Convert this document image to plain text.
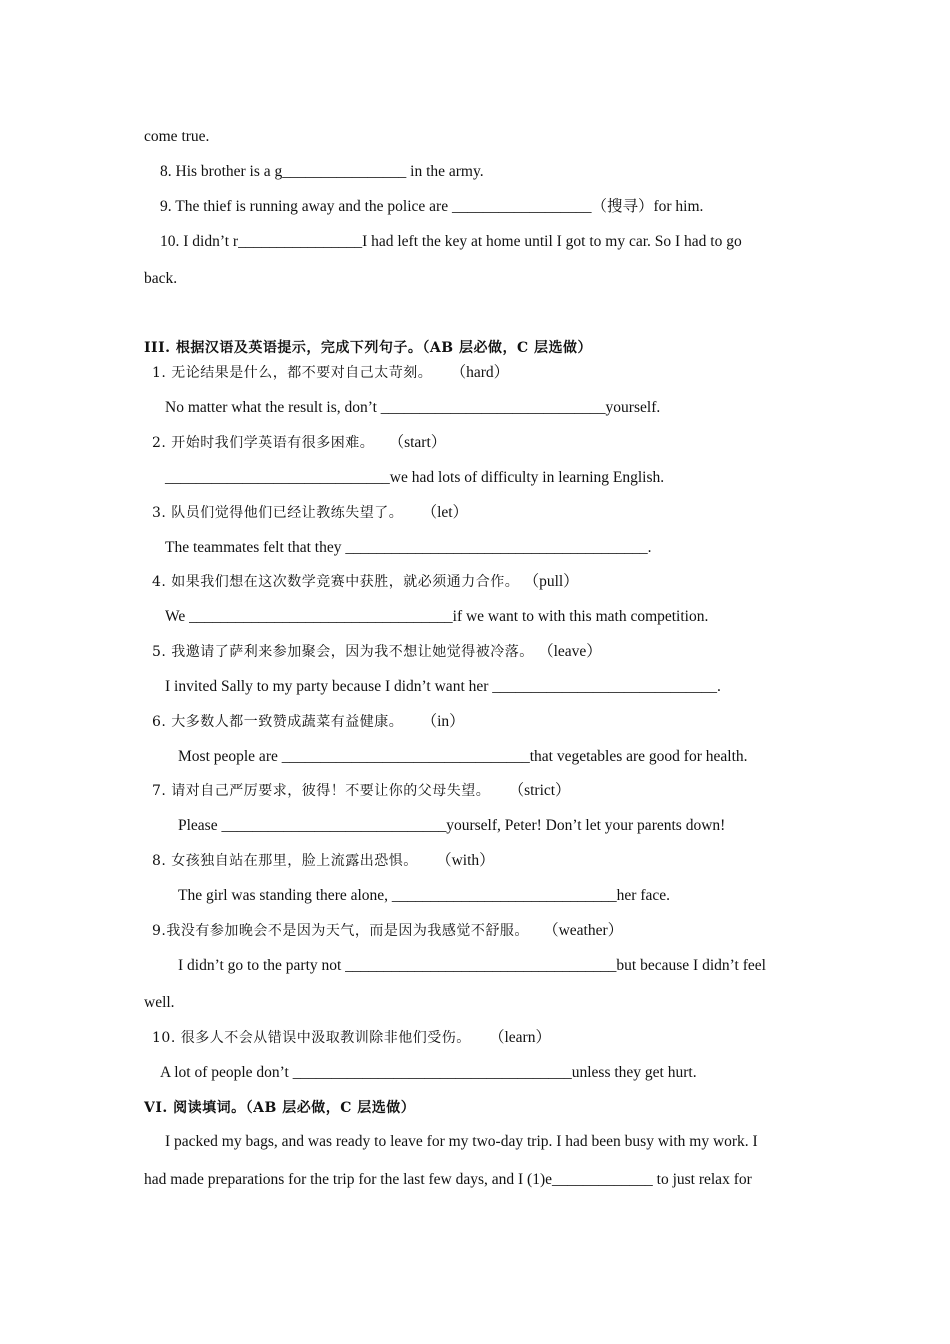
come true.
8. His brother is a g________________ in the army.
9. The thief is running away and the police are __________________（搜寻）for him.
10. I didn’t r________________I had left the key at home until I got to my car. So I had to go
back.
III. 根据汉语及英语提示，完成下列句子。（AB 层必做，C 层选做）
1. 无论结果是什么，都不要对自己太苛刻。 （hard）
No matter what the result is, don’t _____________________________yourself.
2. 开始时我们学英语有很多困难。 （start）
_____________________________we had lots of difficulty in learning English.
3. 队员们觉得他们已经让教练失望了。 （let）
The teammates felt that they _______________________________________.
4. 如果我们想在这次数学竞赛中获胜，就必须通力合作。 （pull）
We __________________________________if we want to with this math competition.
5. 我邀请了萨利来参加聚会，因为我不想让她觉得被冷落。 （leave）
I invited Sally to my party because I didn’t want her _____________________________.
6. 大多数人都一致赞成蔬菜有益健康。 （in）
Most people are ________________________________that vegetables are good for health.
7. 请对自己严厉要求，彼得！不要让你的父母失望。 （strict）
Please _____________________________yourself, Peter! Don’t let your parents down!
8. 女孩独自站在那里，脸上流露出恐惧。 （with）
The girl was standing there alone, _____________________________her face.
9.我没有参加晚会不是因为天气，而是因为我感觉不舒服。 （weather）
I didn’t go to the party not ___________________________________but because I didn’t feel
well.
10. 很多人不会从错误中汲取教训除非他们受伤。 （learn）
A lot of people don’t ____________________________________unless they get hurt.
VI. 阅读填词。（AB 层必做，C 层选做）
I packed my bags, and was ready to leave for my two-day trip. I had been busy with my work. I
had made preparations for the trip for the last few days, and I (1)e_____________ to just relax for
